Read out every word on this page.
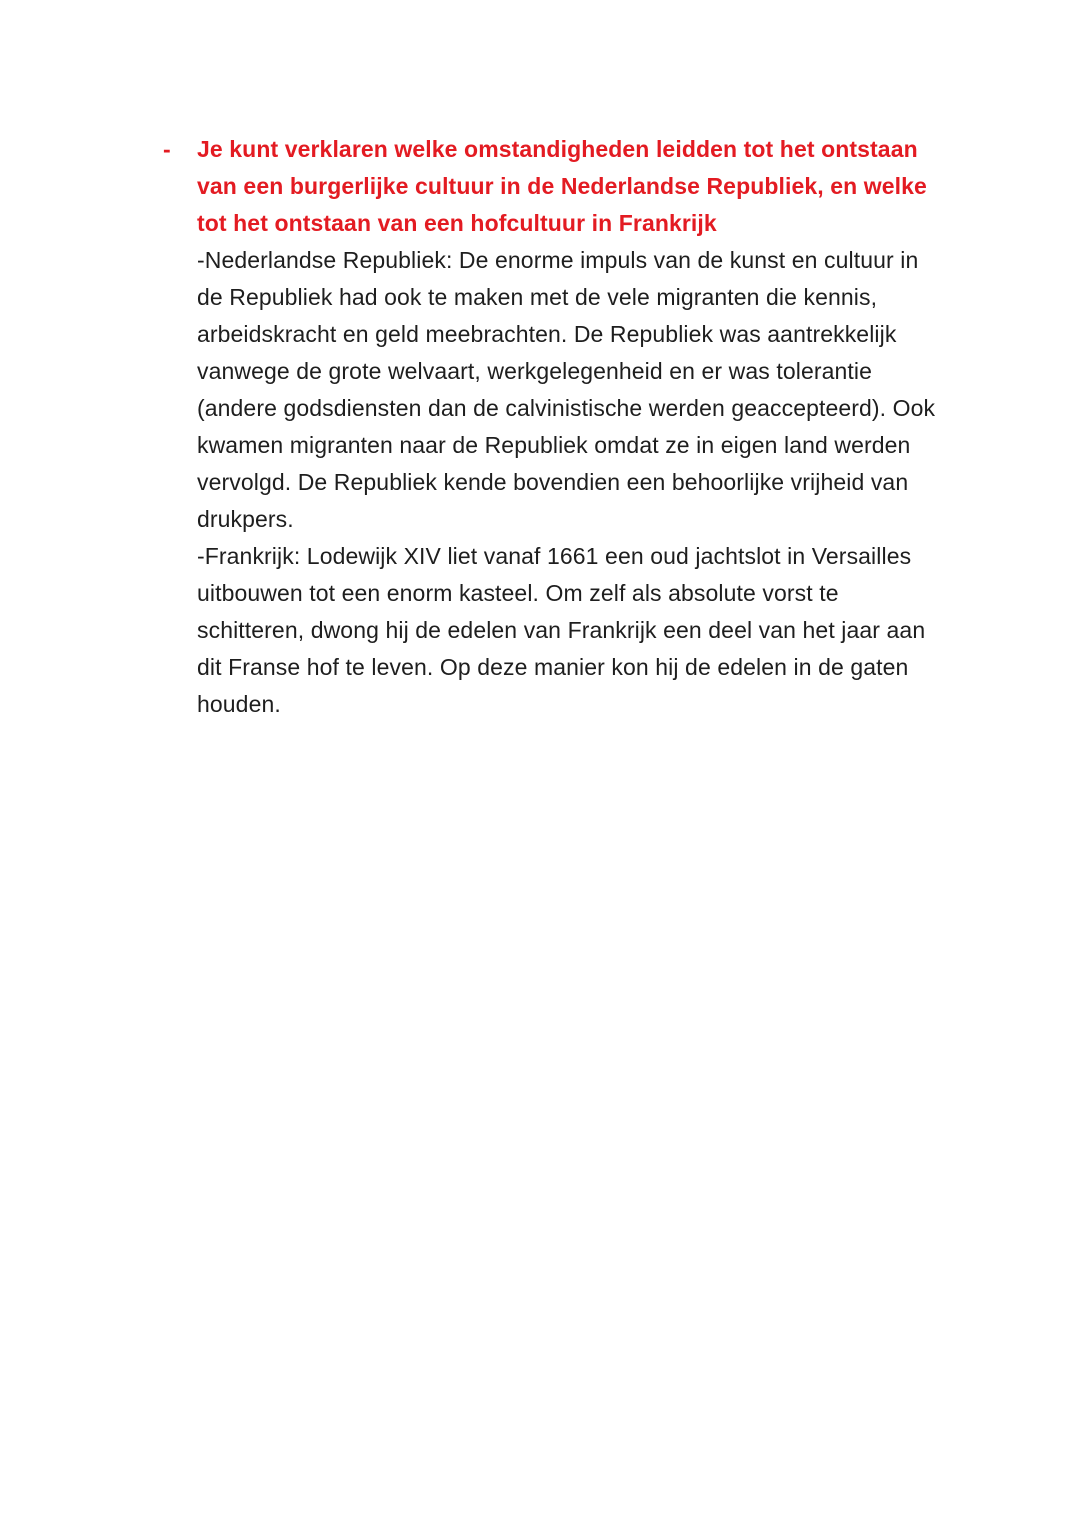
-	Je kunt verklaren welke omstandigheden leidden tot het ontstaan van een burgerlijke cultuur in de Nederlandse Republiek, en welke tot het ontstaan van een hofcultuur in Frankrijk

-Nederlandse Republiek: De enorme impuls van de kunst en cultuur in de Republiek had ook te maken met de vele migranten die kennis, arbeidskracht en geld meebrachten. De Republiek was aantrekkelijk vanwege de grote welvaart, werkgelegenheid en er was tolerantie (andere godsdiensten dan de calvinistische werden geaccepteerd). Ook kwamen migranten naar de Republiek omdat ze in eigen land werden vervolgd. De Republiek kende bovendien een behoorlijke vrijheid van drukpers.

-Frankrijk: Lodewijk XIV liet vanaf 1661 een oud jachtslot in Versailles uitbouwen tot een enorm kasteel. Om zelf als absolute vorst te schitteren, dwong hij de edelen van Frankrijk een deel van het jaar aan dit Franse hof te leven. Op deze manier kon hij de edelen in de gaten houden.
